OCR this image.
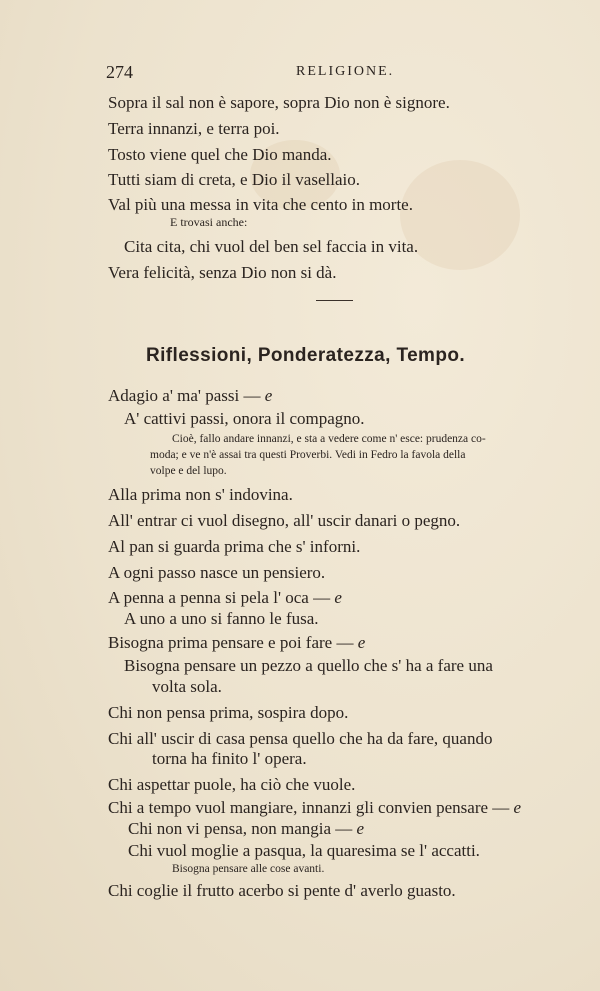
274	RELIGIONE.
Sopra il sal non è sapore, sopra Dio non è signore.
Terra innanzi, e terra poi.
Tosto viene quel che Dio manda.
Tutti siam di creta, e Dio il vasellaio.
Val più una messa in vita che cento in morte.
E trovasi anche:
Cita cita, chi vuol del ben sel faccia in vita.
Vera felicità, senza Dio non si dà.
Riflessioni, Ponderatezza, Tempo.
Adagio a' ma' passi — e
A' cattivi passi, onora il compagno.
Cioè, fallo andare innanzi, e sta a vedere come n' esce: prudenza co-
moda; e ve n'è assai tra questi Proverbi. Vedi in Fedro la favola della
volpe e del lupo.
Alla prima non s' indovina.
All' entrar ci vuol disegno, all' uscir danari o pegno.
Al pan si guarda prima che s' inforni.
A ogni passo nasce un pensiero.
A penna a penna si pela l' oca — e
A uno a uno si fanno le fusa.
Bisogna prima pensare e poi fare — e
Bisogna pensare un pezzo a quello che s' ha a fare una
volta sola.
Chi non pensa prima, sospira dopo.
Chi all' uscir di casa pensa quello che ha da fare, quando
torna ha finito l' opera.
Chi aspettar puole, ha ciò che vuole.
Chi a tempo vuol mangiare, innanzi gli convien pensare — e
Chi non vi pensa, non mangia — e
Chi vuol moglie a pasqua, la quaresima se l' accatti.
Bisogna pensare alle cose avanti.
Chi coglie il frutto acerbo si pente d' averlo guasto.
